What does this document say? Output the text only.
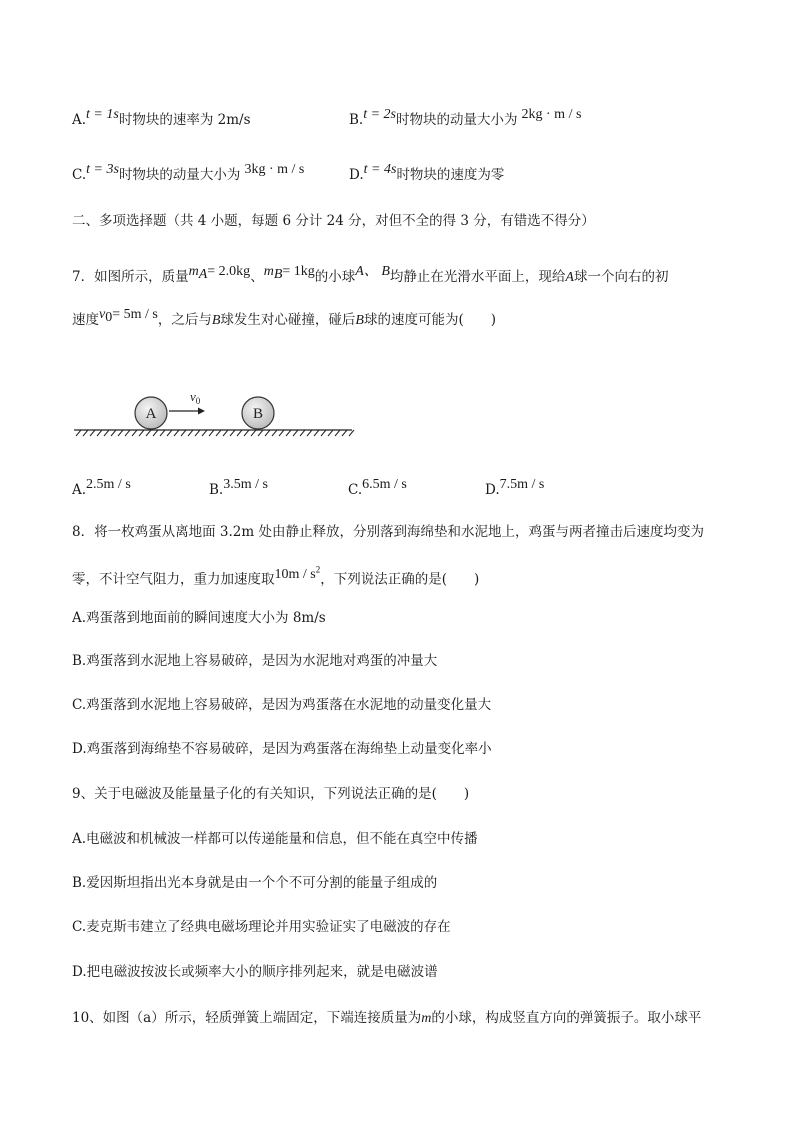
A.t = 1s时物块的速率为 2m/s	B.t = 2s时物块的动量大小为 2kg · m / s
C.t = 3s时物块的动量大小为 3kg · m / s	D.t = 4s时物块的速度为零
二、多项选择题（共 4 小题，每题 6 分计 24 分，对但不全的得 3 分，有错选不得分）
7．如图所示，质量$m_A= 2.0kg$、$m_B= 1kg$的小球A、 B均静止在光滑水平面上，现给A球一个向右的初
速度$v_0= 5m / s$，之后与B球发生对心碰撞，碰后B球的速度可能为(　　)
A	B
$v_0$
A.2.5m / s	B.3.5m / s	C.6.5m / s	D.7.5m / s
8．将一枚鸡蛋从离地面 3.2m 处由静止释放，分别落到海绵垫和水泥地上，鸡蛋与两者撞击后速度均变为
零，不计空气阻力，重力加速度取$10m / s^2$，下列说法正确的是(　　)
A.鸡蛋落到地面前的瞬间速度大小为 8m/s
B.鸡蛋落到水泥地上容易破碎，是因为水泥地对鸡蛋的冲量大
C.鸡蛋落到水泥地上容易破碎，是因为鸡蛋落在水泥地的动量变化量大
D.鸡蛋落到海绵垫不容易破碎，是因为鸡蛋落在海绵垫上动量变化率小
9、关于电磁波及能量量子化的有关知识，下列说法正确的是(　　)
A.电磁波和机械波一样都可以传递能量和信息，但不能在真空中传播
B.爱因斯坦指出光本身就是由一个个不可分割的能量子组成的
C.麦克斯韦建立了经典电磁场理论并用实验证实了电磁波的存在
D.把电磁波按波长或频率大小的顺序排列起来，就是电磁波谱
10、如图（a）所示，轻质弹簧上端固定，下端连接质量为m的小球，构成竖直方向的弹簧振子。取小球平
